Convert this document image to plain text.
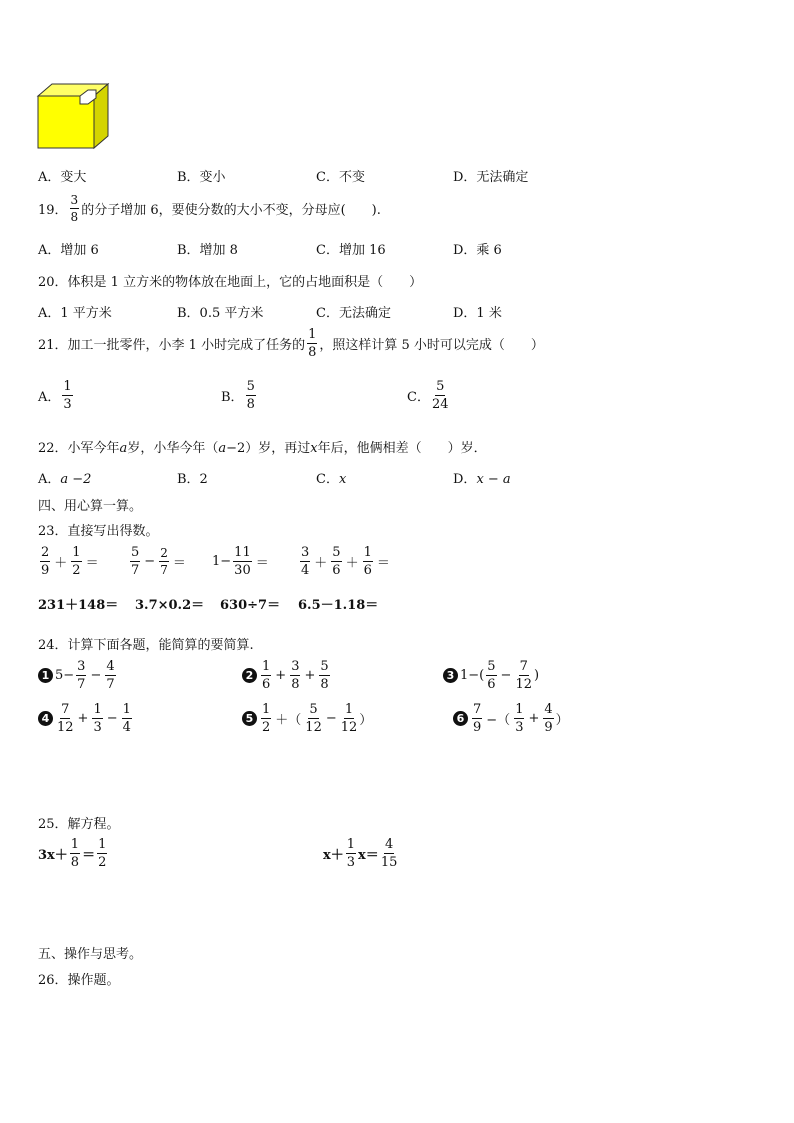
A．变大	B．变小	C．不变	D．无法确定
19． $\frac{3}{8}$ 的分子增加 6，要使分数的大小不变，分母应(　　).
A．增加 6	B．增加 8	C．增加 16	D．乘 6
20．体积是 1 立方米的物体放在地面上，它的占地面积是（　　）
A．1 平方米	B．0.5 平方米	C．无法确定	D．1 米
21．加工一批零件，小李 1 小时完成了任务的 $\frac{1}{8}$ ，照这样计算 5 小时可以完成（　　）
A． $\frac{1}{3}$	B． $\frac{5}{8}$	C． $\frac{5}{24}$
22．小军今年a岁，小华今年（a−2）岁，再过x年后，他俩相差（　　）岁．
A．a −2	B．2	C．x	D．x − a
四、用心算一算。
23．直接写出得数。
$\frac{2}{9} + \frac{1}{2} = \frac{5}{7} - \frac{2}{7} = 1- \frac{11}{30} = \frac{3}{4} + \frac{5}{6} + \frac{1}{6}$ ＝
231＋148＝ 3.7×0.2＝ 630÷7＝ 6.5－1.18＝
24．计算下面各题，能简算的要简算.
1 $5- \frac{3}{7} - \frac{4}{7}$	$2 \frac{1}{6} + \frac{3}{8} + \frac{5}{8}$	3 $1-( \frac{5}{6} - \frac{7}{12}$ )
$4 \frac{7}{12} + \frac{1}{3} - \frac{1}{4}$	$5 \frac{1}{2}$ ＋（ $\frac{5}{12} - \frac{1}{12}$ ）	$6 \frac{7}{9}$ −（ $\frac{1}{3} + \frac{4}{9}$ ）
25．解方程。
$3x+ \frac{1}{8} = \frac{1}{2}$	$x+ \frac{1}{3} x= \frac{4}{15}$
五、操作与思考。
26．操作题。
